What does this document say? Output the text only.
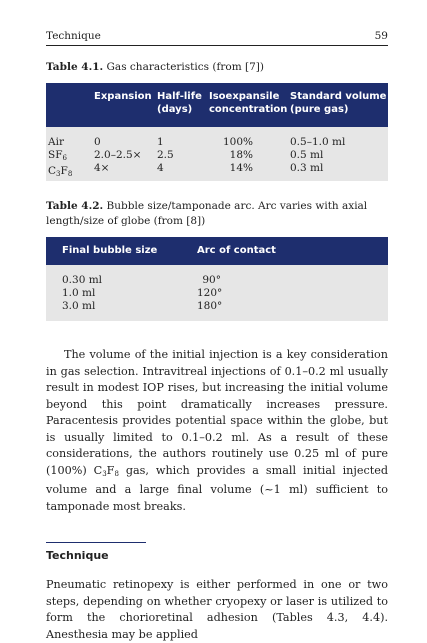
Technique	59
Table 4.1. Gas characteristics (from [7])
Expansion Half-life
(days)
Isoexpansile
concentration
Standard volume
(pure gas)
Air
$SF_6$
$C_3F_8$
0
2.0–2.5×
4×
1
2.5
4
100%
18%
14%
0.5–1.0 ml
0.5 ml
0.3 ml
Table 4.2. Bubble size/tamponade arc. Arc varies with axial length/size of globe (from [8])
Final bubble size	Arc of contact
0.30 ml
1.0 ml
3.0 ml
90°
120°
180°

The volume of the initial injection is a key consideration in gas selection. Intravitreal injections of 0.1–0.2 ml usually result in modest IOP rises, but increasing the initial volume beyond this point dramatically increases pressure. Paracentesis provides potential space within the globe, but is usually limited to 0.1–0.2 ml. As a result of these considerations, the authors routinely use 0.25 ml of pure (100%) $C_3F_8$ gas, which provides a small initial injected volume and a large final volume (~1 ml) sufficient to tamponade most breaks.

Technique

Pneumatic retinopexy is either performed in one or two steps, depending on whether cryopexy or laser is utilized to form the chorioretinal adhesion (Tables 4.3, 4.4). Anesthesia may be applied
